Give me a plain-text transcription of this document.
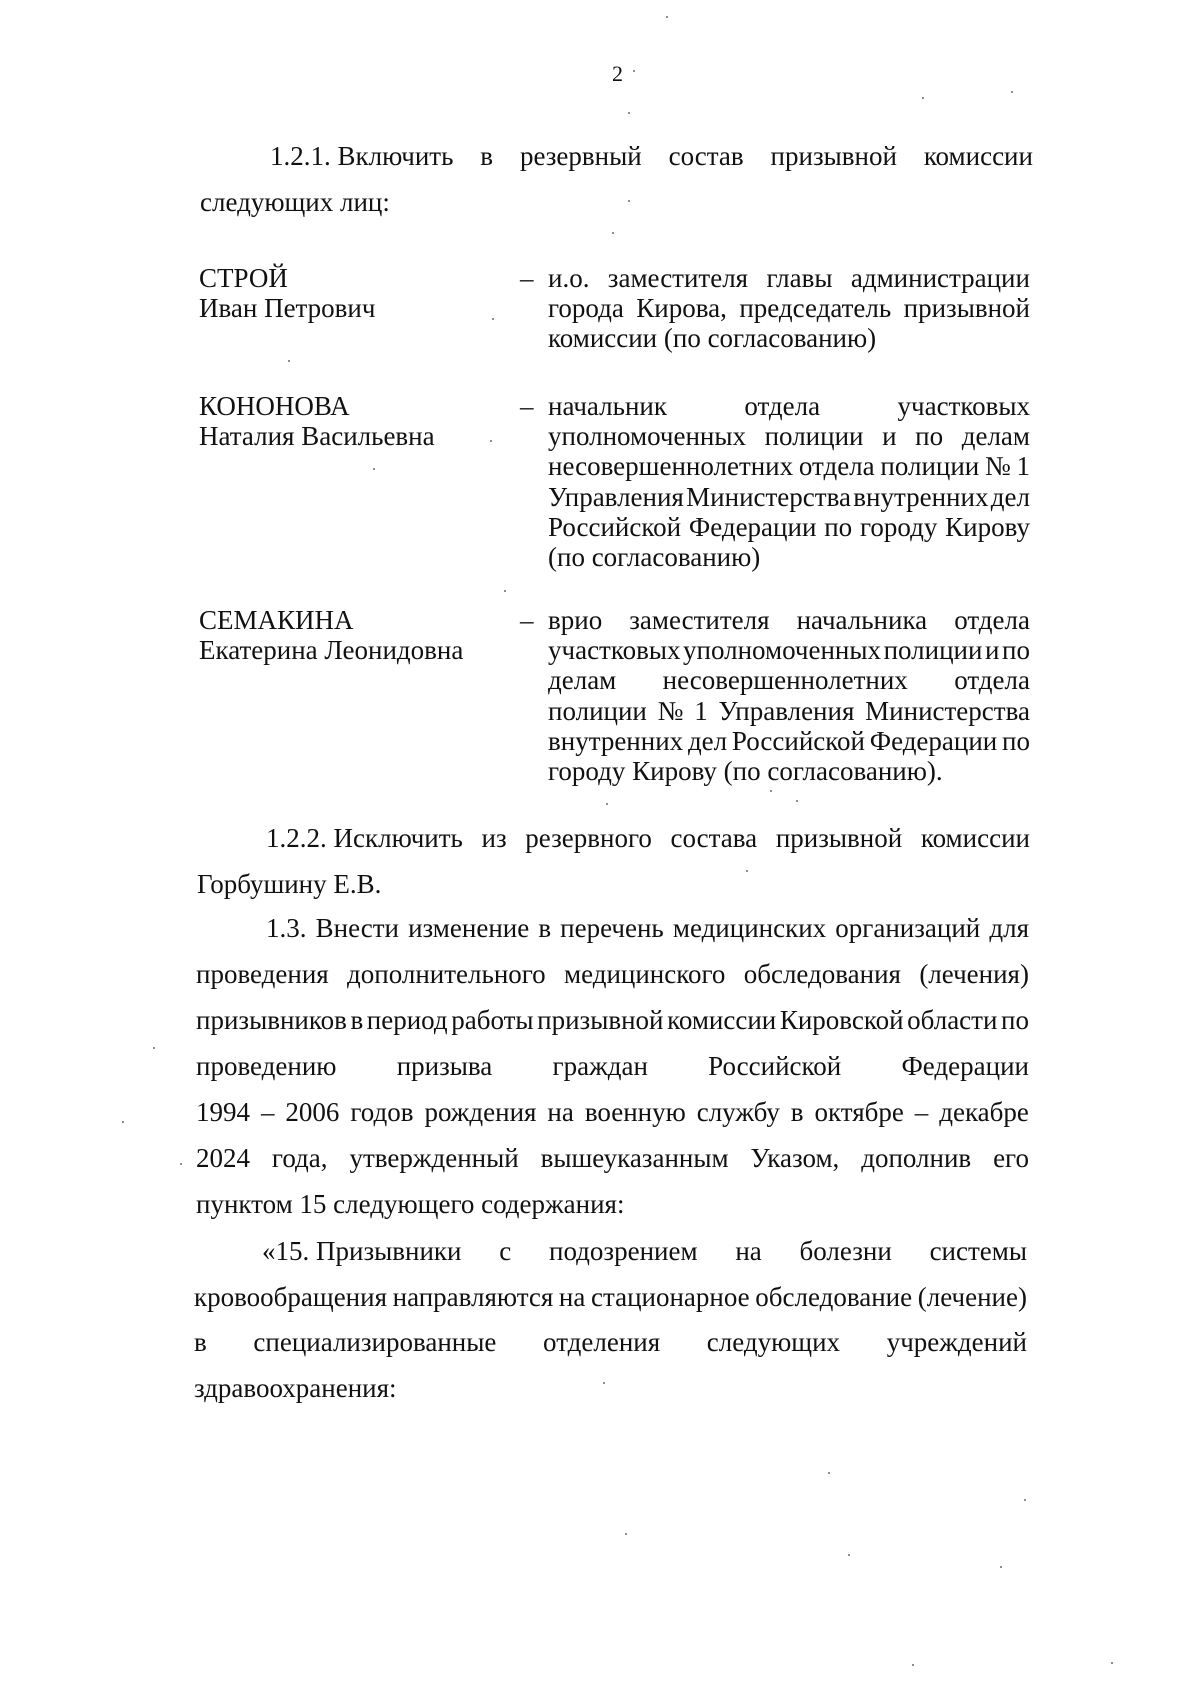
2
1.2.1. Включить в резервный состав призывной комиссии
следующих лиц:
СТРОЙ
Иван Петрович
– и.о. заместителя главы администрации
города Кирова, председатель призывной
комиссии (по согласованию)
КОНОНОВА
Наталия Васильевна
– начальник	отдела	участковых
уполномоченных полиции и по делам
несовершеннолетних отдела полиции № 1
Управления Министерства внутренних дел
Российской Федерации по городу Кирову
(по согласованию)
СЕМАКИНА
Екатерина Леонидовна
– врио заместителя начальника отдела
участковых уполномоченных полиции и по
делам несовершеннолетних отдела
полиции № 1 Управления Министерства
внутренних дел Российской Федерации по
городу Кирову (по согласованию).
1.2.2. Исключить из резервного состава призывной комиссии
Горбушину Е.В.
1.3. Внести изменение в перечень медицинских организаций для
проведения дополнительного медицинского обследования (лечения)
призывников в период работы призывной комиссии Кировской области по
проведению призыва граждан Российской Федерации
1994 – 2006 годов рождения на военную службу в октябре – декабре
2024 года, утвержденный вышеуказанным Указом, дополнив его
пунктом 15 следующего содержания:
«15. Призывники с подозрением на болезни системы
кровообращения направляются на стационарное обследование (лечение)
в специализированные отделения следующих учреждений
здравоохранения:
